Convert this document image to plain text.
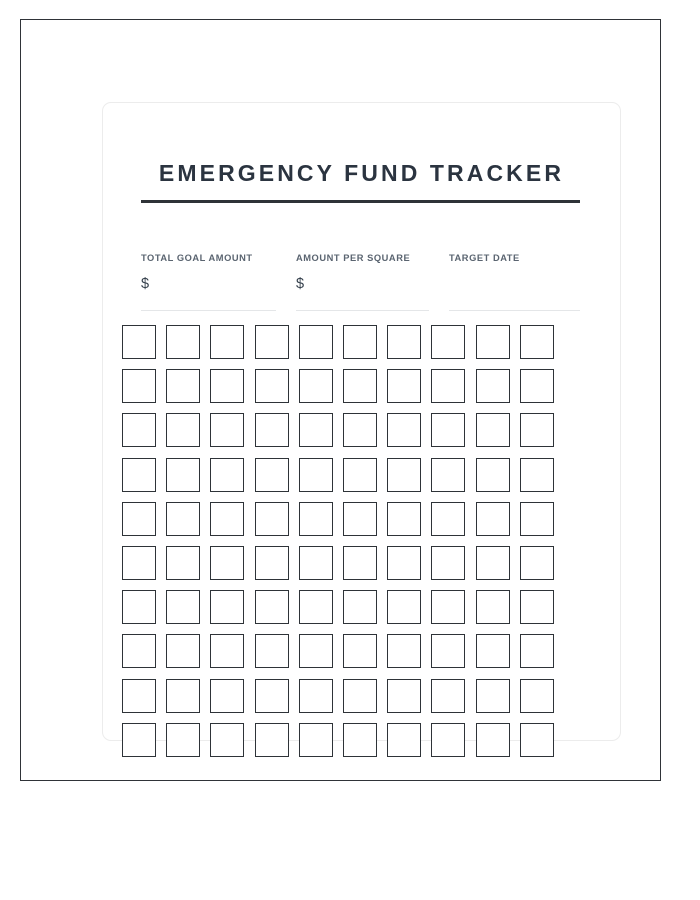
EMERGENCY FUND TRACKER
TOTAL GOAL AMOUNT
$
AMOUNT PER SQUARE
$
TARGET DATE
